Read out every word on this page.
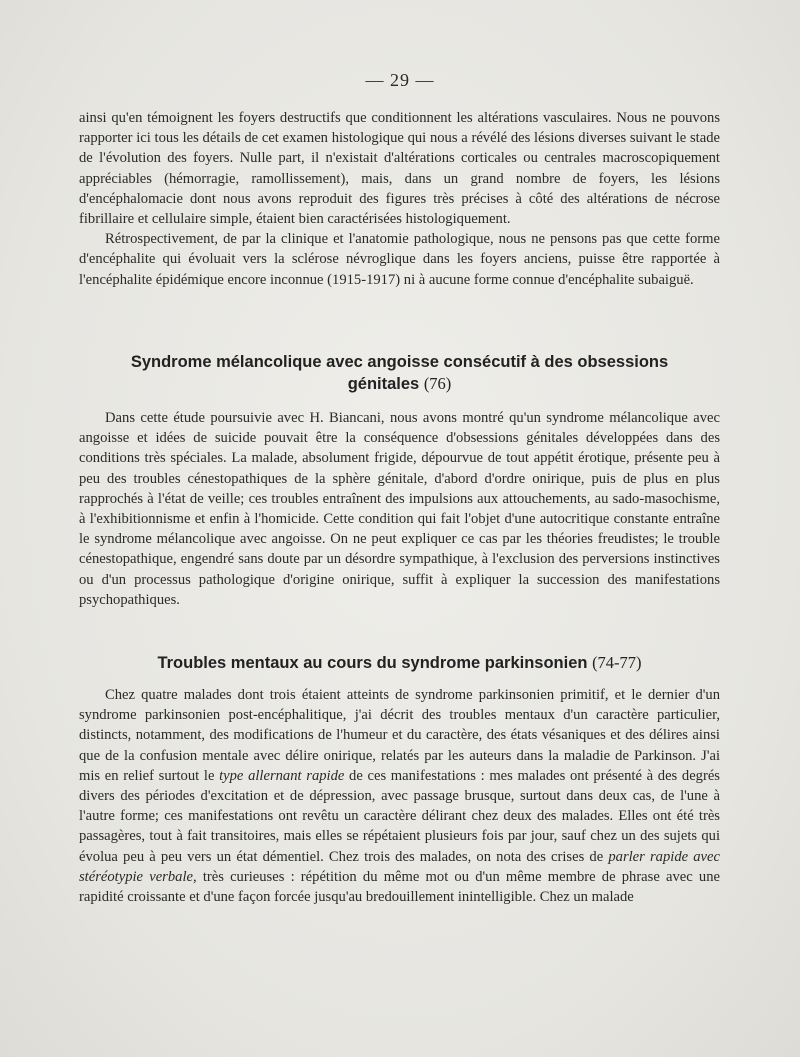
— 29 —

ainsi qu'en témoignent les foyers destructifs que conditionnent les altérations vasculaires. Nous ne pouvons rapporter ici tous les détails de cet examen histologique qui nous a révélé des lésions diverses suivant le stade de l'évolution des foyers. Nulle part, il n'existait d'altérations corticales ou centrales macroscopiquement appréciables (hémorragie, ramollissement), mais, dans un grand nombre de foyers, les lésions d'encéphalomacie dont nous avons reproduit des figures très précises à côté des altérations de nécrose fibrillaire et cellulaire simple, étaient bien caractérisées histologiquement.

Rétrospectivement, de par la clinique et l'anatomie pathologique, nous ne pensons pas que cette forme d'encéphalite qui évoluait vers la sclérose névroglique dans les foyers anciens, puisse être rapportée à l'encéphalite épidémique encore inconnue (1915-1917) ni à aucune forme connue d'encéphalite subaiguë.

Syndrome mélancolique avec angoisse consécutif à des obsessions

génitales (76)

Dans cette étude poursuivie avec H. Biancani, nous avons montré qu'un syndrome mélancolique avec angoisse et idées de suicide pouvait être la conséquence d'obsessions génitales développées dans des conditions très spéciales. La malade, absolument frigide, dépourvue de tout appétit érotique, présente peu à peu des troubles cénestopathiques de la sphère génitale, d'abord d'ordre onirique, puis de plus en plus rapprochés à l'état de veille; ces troubles entraînent des impulsions aux attouchements, au sado-masochisme, à l'exhibitionnisme et enfin à l'homicide. Cette condition qui fait l'objet d'une autocritique constante entraîne le syndrome mélancolique avec angoisse. On ne peut expliquer ce cas par les théories freudistes; le trouble cénestopathique, engendré sans doute par un désordre sympathique, à l'exclusion des perversions instinctives ou d'un processus pathologique d'origine onirique, suffit à expliquer la succession des manifestations psychopathiques.

Troubles mentaux au cours du syndrome parkinsonien (74-77)

Chez quatre malades dont trois étaient atteints de syndrome parkinsonien primitif, et le dernier d'un syndrome parkinsonien post-encéphalitique, j'ai décrit des troubles mentaux d'un caractère particulier, distincts, notamment, des modifications de l'humeur et du caractère, des états vésaniques et des délires ainsi que de la confusion mentale avec délire onirique, relatés par les auteurs dans la maladie de Parkinson. J'ai mis en relief surtout le type allernant rapide de ces manifestations : mes malades ont présenté à des degrés divers des périodes d'excitation et de dépression, avec passage brusque, surtout dans deux cas, de l'une à l'autre forme; ces manifestations ont revêtu un caractère délirant chez deux des malades. Elles ont été très passagères, tout à fait transitoires, mais elles se répétaient plusieurs fois par jour, sauf chez un des sujets qui évolua peu à peu vers un état démentiel. Chez trois des malades, on nota des crises de parler rapide avec stéréotypie verbale, très curieuses : répétition du même mot ou d'un même membre de phrase avec une rapidité croissante et d'une façon forcée jusqu'au bredouillement inintelligible. Chez un malade
